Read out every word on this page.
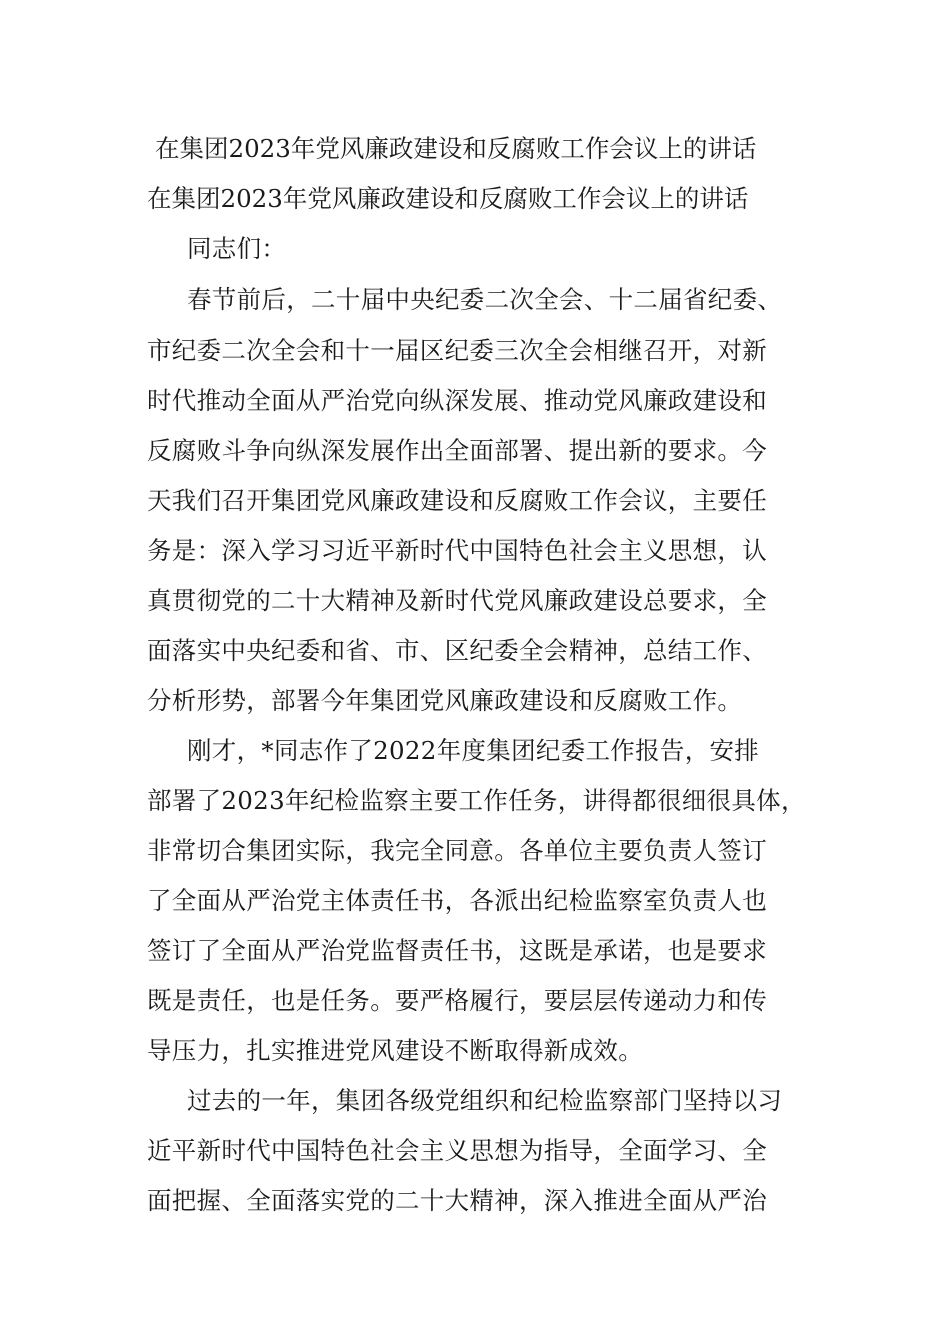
在集团2023年党风廉政建设和反腐败工作会议上的讲话
在集团2023年党风廉政建设和反腐败工作会议上的讲话
同志们：
春节前后，二十届中央纪委二次全会、十二届省纪委、
市纪委二次全会和十一届区纪委三次全会相继召开，对新
时代推动全面从严治党向纵深发展、推动党风廉政建设和
反腐败斗争向纵深发展作出全面部署、提出新的要求。今
天我们召开集团党风廉政建设和反腐败工作会议，主要任
务是：深入学习习近平新时代中国特色社会主义思想，认
真贯彻党的二十大精神及新时代党风廉政建设总要求，全
面落实中央纪委和省、市、区纪委全会精神，总结工作、
分析形势，部署今年集团党风廉政建设和反腐败工作。
刚才，*同志作了2022年度集团纪委工作报告，安排
部署了2023年纪检监察主要工作任务，讲得都很细很具体，
非常切合集团实际，我完全同意。各单位主要负责人签订
了全面从严治党主体责任书，各派出纪检监察室负责人也
签订了全面从严治党监督责任书，这既是承诺，也是要求
既是责任，也是任务。要严格履行，要层层传递动力和传
导压力，扎实推进党风建设不断取得新成效。
过去的一年，集团各级党组织和纪检监察部门坚持以习
近平新时代中国特色社会主义思想为指导，全面学习、全
面把握、全面落实党的二十大精神，深入推进全面从严治
